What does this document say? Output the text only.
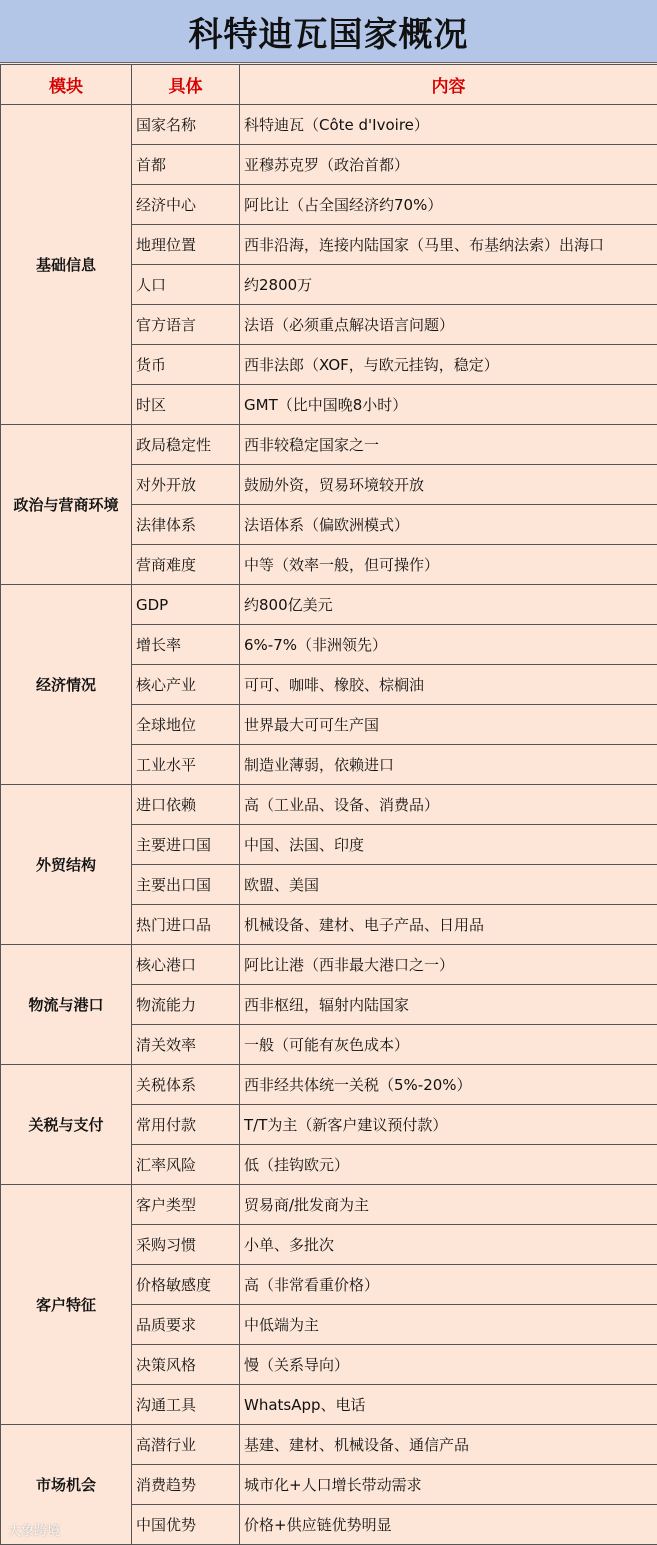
科特迪瓦国家概况
模块	具体	内容
基础信息	国家名称	科特迪瓦（Côte d'Ivoire）
	首都	亚穆苏克罗（政治首都）
	经济中心	阿比让（占全国经济约70%）
	地理位置	西非沿海，连接内陆国家（马里、布基纳法索）出海口
	人口	约2800万
	官方语言	法语（必须重点解决语言问题）
	货币	西非法郎（XOF，与欧元挂钩，稳定）
	时区	GMT（比中国晚8小时）
政治与营商环境	政局稳定性	西非较稳定国家之一
	对外开放	鼓励外资，贸易环境较开放
	法律体系	法语体系（偏欧洲模式）
	营商难度	中等（效率一般，但可操作）
经济情况	GDP	约800亿美元
	增长率	6%-7%（非洲领先）
	核心产业	可可、咖啡、橡胶、棕榈油
	全球地位	世界最大可可生产国
	工业水平	制造业薄弱，依赖进口
外贸结构	进口依赖	高（工业品、设备、消费品）
	主要进口国	中国、法国、印度
	主要出口国	欧盟、美国
	热门进口品	机械设备、建材、电子产品、日用品
物流与港口	核心港口	阿比让港（西非最大港口之一）
	物流能力	西非枢纽，辐射内陆国家
	清关效率	一般（可能有灰色成本）
关税与支付	关税体系	西非经共体统一关税（5%-20%）
	常用付款	T/T为主（新客户建议预付款）
	汇率风险	低（挂钩欧元）
客户特征	客户类型	贸易商/批发商为主
	采购习惯	小单、多批次
	价格敏感度	高（非常看重价格）
	品质要求	中低端为主
	决策风格	慢（关系导向）
	沟通工具	WhatsApp、电话
市场机会	高潜行业	基建、建材、机械设备、通信产品
	消费趋势	城市化+人口增长带动需求
	中国优势	价格+供应链优势明显
大象跨境
